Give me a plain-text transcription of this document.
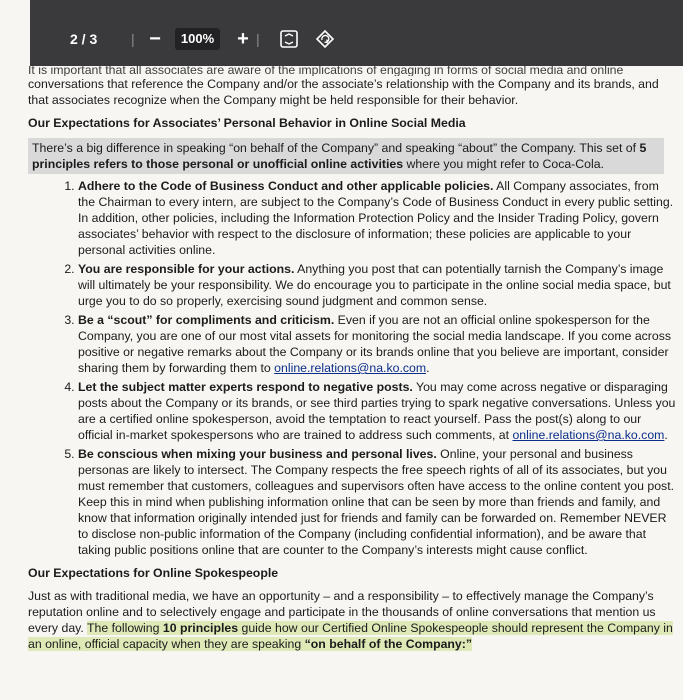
2 / 3 | −	100% + |

It is important that all associates are aware of the implications of engaging in forms of social media and online

conversations that reference the Company and/or the associate’s relationship with the Company and its brands, and that associates recognize when the Company might be held responsible for their behavior.

Our Expectations for Associates’ Personal Behavior in Online Social Media

There’s a big difference in speaking “on behalf of the Company” and speaking “about” the Company. This set of 5 principles refers to those personal or unofficial online activities where you might refer to Coca-Cola.

1. Adhere to the Code of Business Conduct and other applicable policies. All Company associates, from the Chairman to every intern, are subject to the Company’s Code of Business Conduct in every public setting. In addition, other policies, including the Information Protection Policy and the Insider Trading Policy, govern associates’ behavior with respect to the disclosure of information; these policies are applicable to your personal activities online.
2. You are responsible for your actions. Anything you post that can potentially tarnish the Company’s image will ultimately be your responsibility. We do encourage you to participate in the online social media space, but urge you to do so properly, exercising sound judgment and common sense.
3. Be a “scout” for compliments and criticism. Even if you are not an official online spokesperson for the Company, you are one of our most vital assets for monitoring the social media landscape. If you come across positive or negative remarks about the Company or its brands online that you believe are important, consider sharing them by forwarding them to online.relations@na.ko.com.
4. Let the subject matter experts respond to negative posts. You may come across negative or disparaging posts about the Company or its brands, or see third parties trying to spark negative conversations. Unless you are a certified online spokesperson, avoid the temptation to react yourself. Pass the post(s) along to our official in-market spokespersons who are trained to address such comments, at online.relations@na.ko.com.
5. Be conscious when mixing your business and personal lives. Online, your personal and business personas are likely to intersect. The Company respects the free speech rights of all of its associates, but you must remember that customers, colleagues and supervisors often have access to the online content you post. Keep this in mind when publishing information online that can be seen by more than friends and family, and know that information originally intended just for friends and family can be forwarded on. Remember NEVER to disclose non-public information of the Company (including confidential information), and be aware that taking public positions online that are counter to the Company’s interests might cause conflict.

Our Expectations for Online Spokespeople

Just as with traditional media, we have an opportunity – and a responsibility – to effectively manage the Company’s reputation online and to selectively engage and participate in the thousands of online conversations that mention us every day. The following 10 principles guide how our Certified Online Spokespeople should represent the Company in an online, official capacity when they are speaking “on behalf of the Company:”
